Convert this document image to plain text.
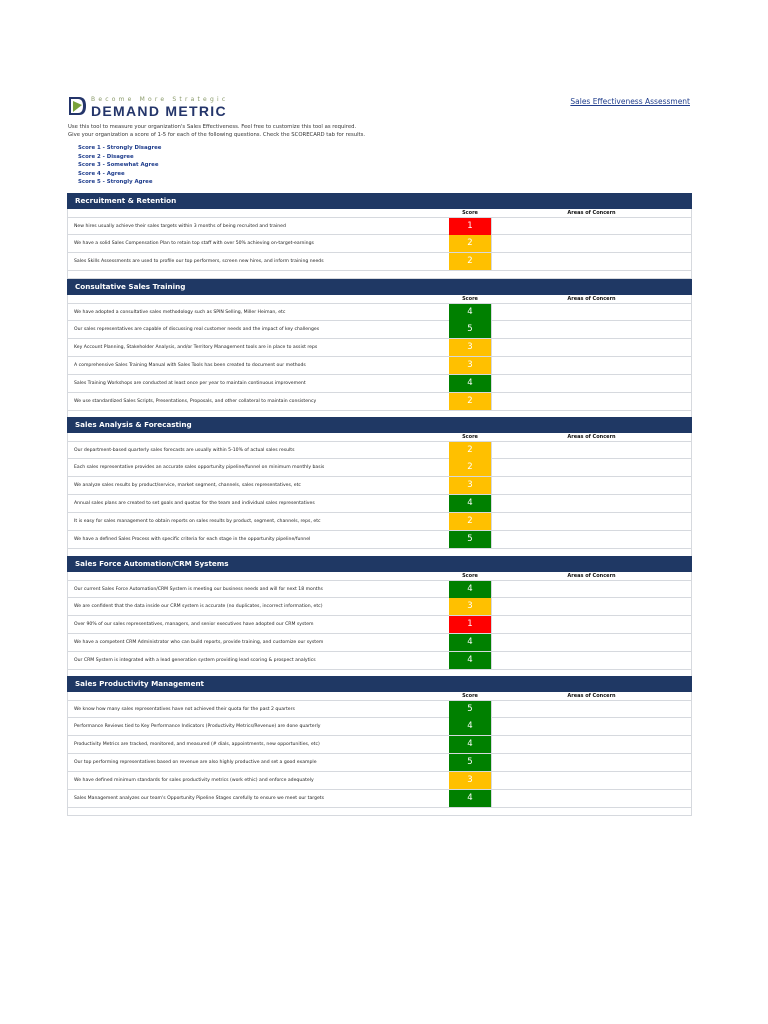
Become More Strategic
DEMAND METRIC
Sales Effectiveness Assessment
Use this tool to measure your organization's Sales Effectiveness. Feel free to customize this tool as required.
Give your organization a score of 1-5 for each of the following questions. Check the SCORECARD tab for results.
Score 1 - Strongly Disagree
Score 2 - Disagree
Score 3 - Somewhat Agree
Score 4 - Agree
Score 5 - Strongly Agree
Recruitment & Retention
Score	Areas of Concern
New hires usually achieve their sales targets within 3 months of being recruited and trained	1
We have a solid Sales Compensation Plan to retain top staff with over 50% achieving on-target-earnings	2
Sales Skills Assessments are used to profile our top performers, screen new hires, and inform training needs	2
Consultative Sales Training
Score	Areas of Concern
We have adopted a consultative sales methodology such as SPIN Selling, Miller Heiman, etc	4
Our sales representatives are capable of discussing real customer needs and the impact of key challenges	5
Key Account Planning, Stakeholder Analysis, and/or Territory Management tools are in place to assist reps	3
A comprehensive Sales Training Manual with Sales Tools has been created to document our methods	3
Sales Training Workshops are conducted at least once per year to maintain continuous improvement	4
We use standardized Sales Scripts, Presentations, Proposals, and other collateral to maintain consistency	2
Sales Analysis & Forecasting
Score	Areas of Concern
Our department-based quarterly sales forecasts are usually within 5-10% of actual sales results	2
Each sales representative provides an accurate sales opportunity pipeline/funnel on minimum monthly basis	2
We analyze sales results by product/service, market segment, channels, sales representatives, etc	3
Annual sales plans are created to set goals and quotas for the team and individual sales representatives	4
It is easy for sales management to obtain reports on sales results by product, segment, channels, reps, etc	2
We have a defined Sales Process with specific criteria for each stage in the opportunity pipeline/funnel	5
Sales Force Automation/CRM Systems
Score	Areas of Concern
Our current Sales Force Automation/CRM System is meeting our business needs and will for next 18 months	4
We are confident that the data inside our CRM system is accurate (no duplicates, incorrect information, etc)	3
Over 90% of our sales representatives, managers, and senior executives have adopted our CRM system	1
We have a competent CRM Administrator who can build reports, provide training, and customize our system	4
Our CRM System is integrated with a lead generation system providing lead scoring & prospect analytics	4
Sales Productivity Management
Score	Areas of Concern
We know how many sales representatives have not achieved their quota for the past 2 quarters	5
Performance Reviews tied to Key Performance Indicators (Productivity Metrics/Revenue) are done quarterly	4
Productivity Metrics are tracked, monitored, and measured (# dials, appointments, new opportunities, etc)	4
Our top performing representatives based on revenue are also highly productive and set a good example	5
We have defined minimum standards for sales productivity metrics (work ethic) and enforce adequately	3
Sales Management analyzes our team's Opportunity Pipeline Stages carefully to ensure we meet our targets	4
